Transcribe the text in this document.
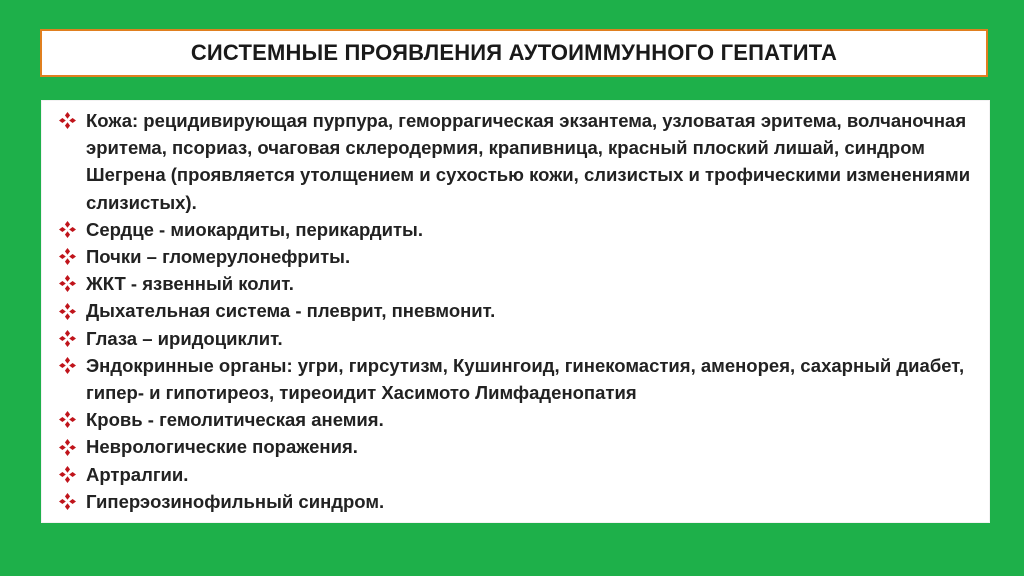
СИСТЕМНЫЕ ПРОЯВЛЕНИЯ АУТОИММУННОГО ГЕПАТИТА
Кожа: рецидивирующая пурпура, геморрагическая экзантема, узловатая эритема, волчаночная эритема, псориаз, очаговая склеродермия, крапивница, красный плоский лишай, синдром Шегрена (проявляется утолщением и сухостью кожи, слизистых и трофическими изменениями слизистых).
Сердце - миокардиты, перикардиты.
Почки – гломерулонефриты.
ЖКТ - язвенный колит.
Дыхательная система - плеврит, пневмонит.
Глаза – иридоциклит.
Эндокринные органы: угри, гирсутизм, Кушингоид, гинекомастия, аменорея, сахарный диабет, гипер- и гипотиреоз, тиреоидит Хасимото Лимфаденопатия
Кровь - гемолитическая анемия.
Неврологические поражения.
Артралгии.
Гиперэозинофильный синдром.
